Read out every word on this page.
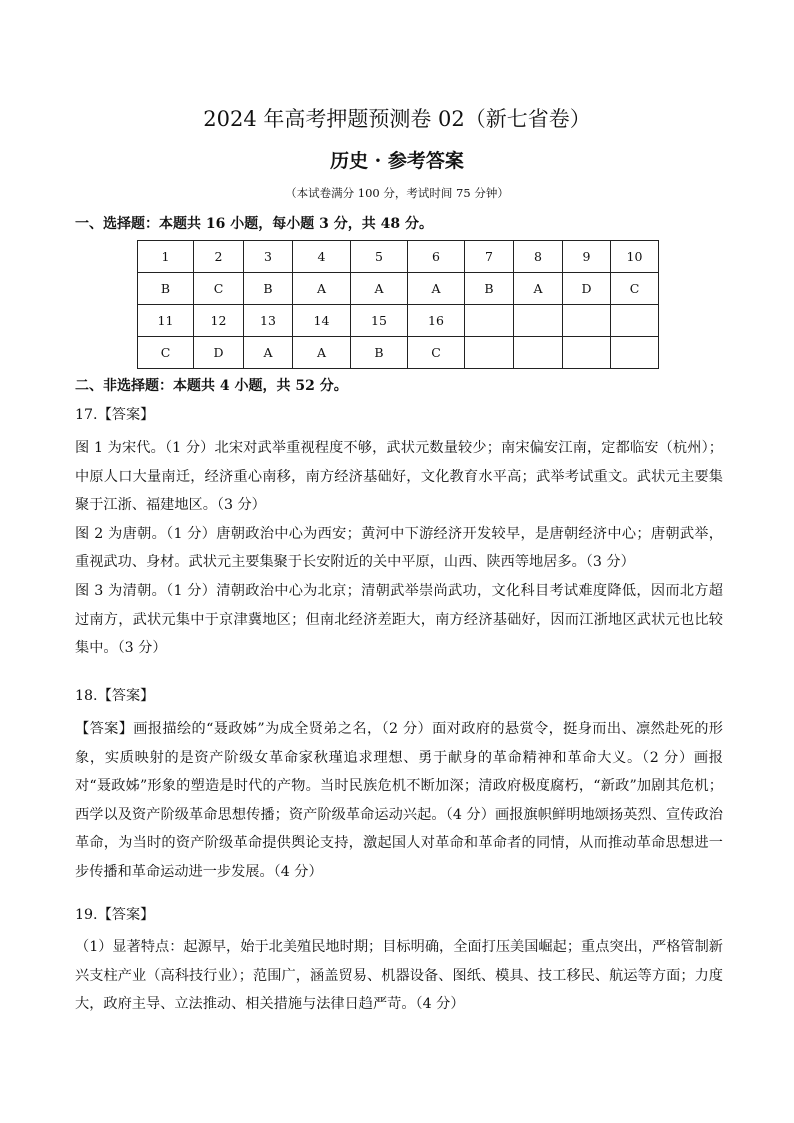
2024 年高考押题预测卷 02（新七省卷）
历史 · 参考答案
（本试卷满分 100 分，考试时间 75 分钟）
一、选择题：本题共 16 小题，每小题 3 分，共 48 分。
1	2	3	4	5	6	7	8	9	10
B	C	B	A	A	A	B	A	D	C
11	12	13	14	15	16				
C	D	A	A	B	C				
二、非选择题：本题共 4 小题，共 52 分。
17.【答案】

图 1 为宋代。（1 分）北宋对武举重视程度不够，武状元数量较少；南宋偏安江南，定都临安（杭州）；中原人口大量南迁，经济重心南移，南方经济基础好，文化教育水平高；武举考试重文。武状元主要集聚于江浙、福建地区。（3 分）

图 2 为唐朝。（1 分）唐朝政治中心为西安；黄河中下游经济开发较早，是唐朝经济中心；唐朝武举，重视武功、身材。武状元主要集聚于长安附近的关中平原，山西、陕西等地居多。（3 分）

图 3 为清朝。（1 分）清朝政治中心为北京；清朝武举崇尚武功，文化科目考试难度降低，因而北方超过南方，武状元集中于京津冀地区；但南北经济差距大，南方经济基础好，因而江浙地区武状元也比较集中。（3 分）

18.【答案】

【答案】画报描绘的“聂政姊”为成全贤弟之名，（2 分）面对政府的悬赏令，挺身而出、凛然赴死的形象，实质映射的是资产阶级女革命家秋瑾追求理想、勇于献身的革命精神和革命大义。（2 分）画报对“聂政姊”形象的塑造是时代的产物。当时民族危机不断加深；清政府极度腐朽，“新政”加剧其危机；西学以及资产阶级革命思想传播；资产阶级革命运动兴起。（4 分）画报旗帜鲜明地颂扬英烈、宣传政治革命，为当时的资产阶级革命提供舆论支持，激起国人对革命和革命者的同情，从而推动革命思想进一步传播和革命运动进一步发展。（4 分）

19.【答案】

（1）显著特点：起源早，始于北美殖民地时期；目标明确，全面打压美国崛起；重点突出，严格管制新兴支柱产业（高科技行业）；范围广，涵盖贸易、机器设备、图纸、模具、技工移民、航运等方面；力度大，政府主导、立法推动、相关措施与法律日趋严苛。（4 分）
